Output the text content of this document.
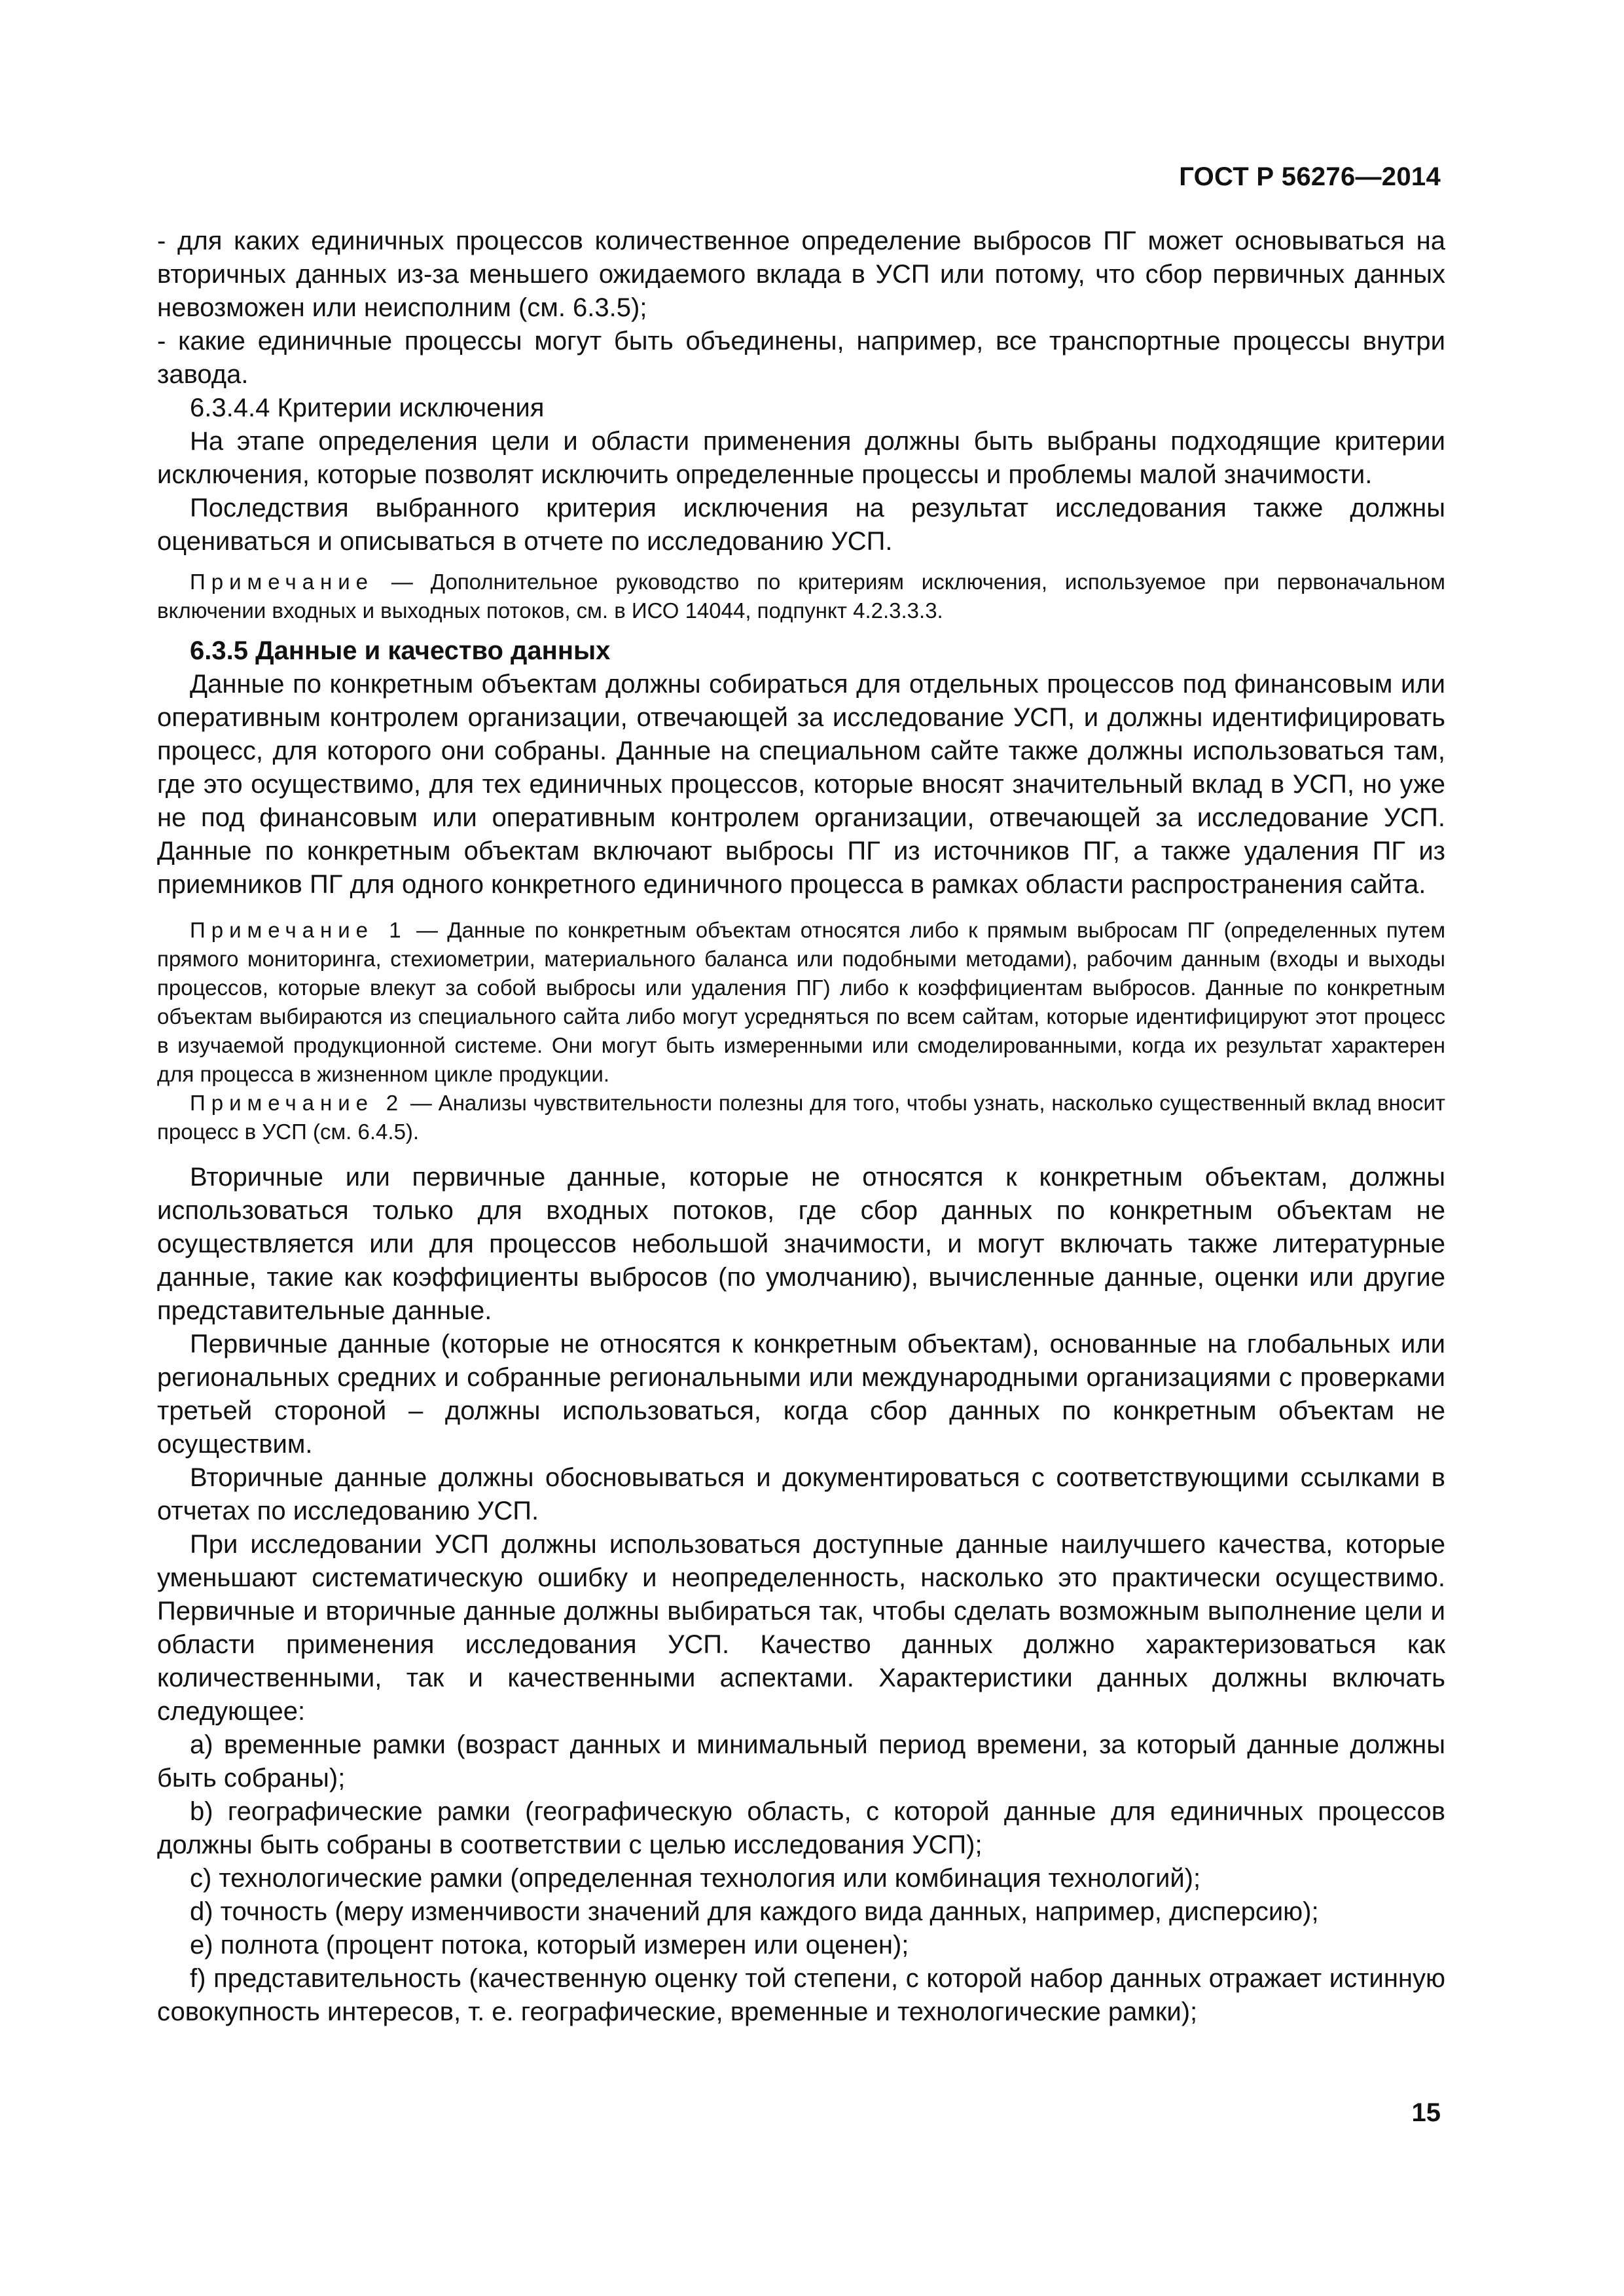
ГОСТ Р 56276—2014

- для каких единичных процессов количественное определение выбросов ПГ может основываться на вторичных данных из-за меньшего ожидаемого вклада в УСП или потому, что сбор первичных данных невозможен или неисполним (см. 6.3.5);

- какие единичные процессы могут быть объединены, например, все транспортные процессы внутри завода.

6.3.4.4 Критерии исключения

На этапе определения цели и области применения должны быть выбраны подходящие критерии исключения, которые позволят исключить определенные процессы и проблемы малой значимости.

Последствия выбранного критерия исключения на результат исследования также должны оцениваться и описываться в отчете по исследованию УСП.

Примечание — Дополнительное руководство по критериям исключения, используемое при первоначальном включении входных и выходных потоков, см. в ИСО 14044, подпункт 4.2.3.3.3.

6.3.5 Данные и качество данных

Данные по конкретным объектам должны собираться для отдельных процессов под финансовым или оперативным контролем организации, отвечающей за исследование УСП, и должны идентифицировать процесс, для которого они собраны. Данные на специальном сайте также должны использоваться там, где это осуществимо, для тех единичных процессов, которые вносят значительный вклад в УСП, но уже не под финансовым или оперативным контролем организации, отвечающей за исследование УСП. Данные по конкретным объектам включают выбросы ПГ из источников ПГ, а также удаления ПГ из приемников ПГ для одного конкретного единичного процесса в рамках области распространения сайта.

Примечание 1 — Данные по конкретным объектам относятся либо к прямым выбросам ПГ (определенных путем прямого мониторинга, стехиометрии, материального баланса или подобными методами), рабочим данным (входы и выходы процессов, которые влекут за собой выбросы или удаления ПГ) либо к коэффициентам выбросов. Данные по конкретным объектам выбираются из специального сайта либо могут усредняться по всем сайтам, которые идентифицируют этот процесс в изучаемой продукционной системе. Они могут быть измеренными или смоделированными, когда их результат характерен для процесса в жизненном цикле продукции.

Примечание 2 — Анализы чувствительности полезны для того, чтобы узнать, насколько существенный вклад вносит процесс в УСП (см. 6.4.5).

Вторичные или первичные данные, которые не относятся к конкретным объектам, должны использоваться только для входных потоков, где сбор данных по конкретным объектам не осуществляется или для процессов небольшой значимости, и могут включать также литературные данные, такие как коэффициенты выбросов (по умолчанию), вычисленные данные, оценки или другие представительные данные.

Первичные данные (которые не относятся к конкретным объектам), основанные на глобальных или региональных средних и собранные региональными или международными организациями с проверками третьей стороной – должны использоваться, когда сбор данных по конкретным объектам не осуществим.

Вторичные данные должны обосновываться и документироваться с соответствующими ссылками в отчетах по исследованию УСП.

При исследовании УСП должны использоваться доступные данные наилучшего качества, которые уменьшают систематическую ошибку и неопределенность, насколько это практически осуществимо. Первичные и вторичные данные должны выбираться так, чтобы сделать возможным выполнение цели и области применения исследования УСП. Качество данных должно характеризоваться как количественными, так и качественными аспектами. Характеристики данных должны включать следующее:

a) временные рамки (возраст данных и минимальный период времени, за который данные должны быть собраны);

b) географические рамки (географическую область, с которой данные для единичных процессов должны быть собраны в соответствии с целью исследования УСП);

c) технологические рамки (определенная технология или комбинация технологий);

d) точность (меру изменчивости значений для каждого вида данных, например, дисперсию);

e) полнота (процент потока, который измерен или оценен);

f) представительность (качественную оценку той степени, с которой набор данных отражает истинную совокупность интересов, т. е. географические, временные и технологические рамки);

15
